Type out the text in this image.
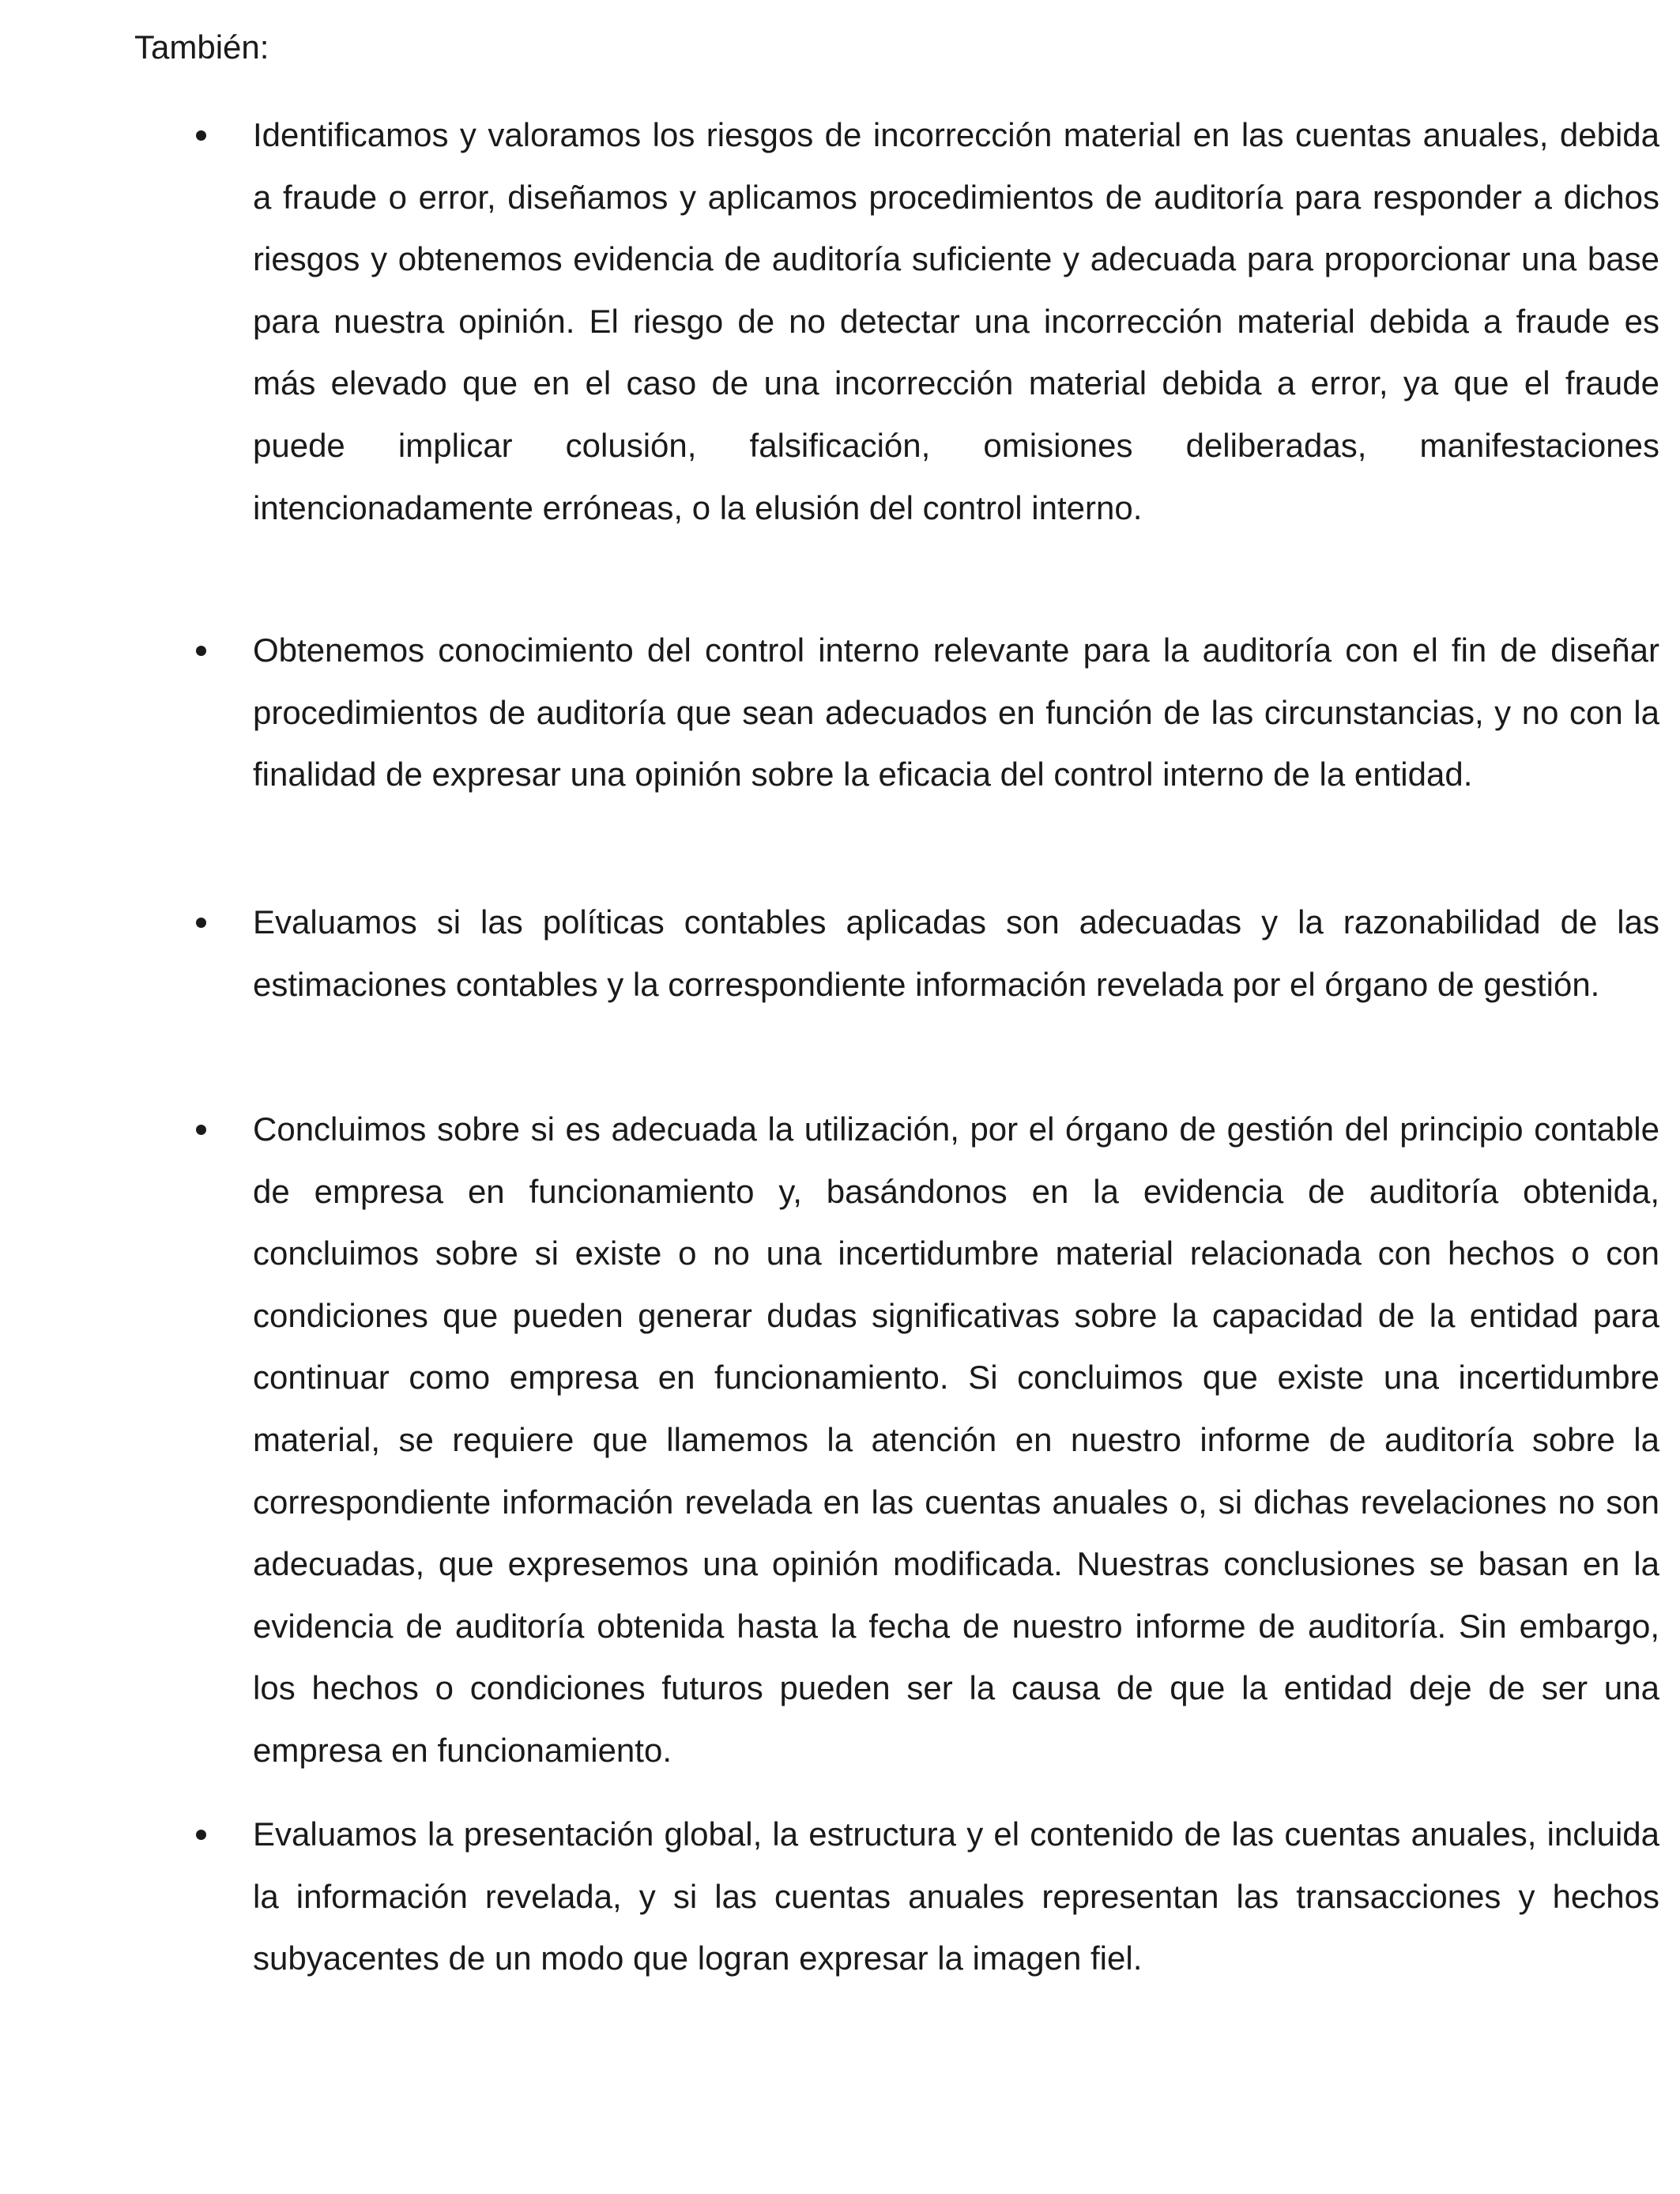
También:

Identificamos y valoramos los riesgos de incorrección material en las cuentas anuales, debida a fraude o error, diseñamos y aplicamos procedimientos de auditoría para responder a dichos riesgos y obtenemos evidencia de auditoría suficiente y adecuada para proporcionar una base para nuestra opinión. El riesgo de no detectar una incorrección material debida a fraude es más elevado que en el caso de una incorrección material debida a error, ya que el fraude puede implicar colusión, falsificación, omisiones deliberadas, manifestaciones intencionadamente erróneas, o la elusión del control interno.

Obtenemos conocimiento del control interno relevante para la auditoría con el fin de diseñar procedimientos de auditoría que sean adecuados en función de las circunstancias, y no con la finalidad de expresar una opinión sobre la eficacia del control interno de la entidad.

Evaluamos si las políticas contables aplicadas son adecuadas y la razonabilidad de las estimaciones contables y la correspondiente información revelada por el órgano de gestión.

Concluimos sobre si es adecuada la utilización, por el órgano de gestión del principio contable de empresa en funcionamiento y, basándonos en la evidencia de auditoría obtenida, concluimos sobre si existe o no una incertidumbre material relacionada con hechos o con condiciones que pueden generar dudas significativas sobre la capacidad de la entidad para continuar como empresa en funcionamiento. Si concluimos que existe una incertidumbre material, se requiere que llamemos la atención en nuestro informe de auditoría sobre la correspondiente información revelada en las cuentas anuales o, si dichas revelaciones no son adecuadas, que expresemos una opinión modificada. Nuestras conclusiones se basan en la evidencia de auditoría obtenida hasta la fecha de nuestro informe de auditoría. Sin embargo, los hechos o condiciones futuros pueden ser la causa de que la entidad deje de ser una empresa en funcionamiento.

Evaluamos la presentación global, la estructura y el contenido de las cuentas anuales, incluida la información revelada, y si las cuentas anuales representan las transacciones y hechos subyacentes de un modo que logran expresar la imagen fiel.
